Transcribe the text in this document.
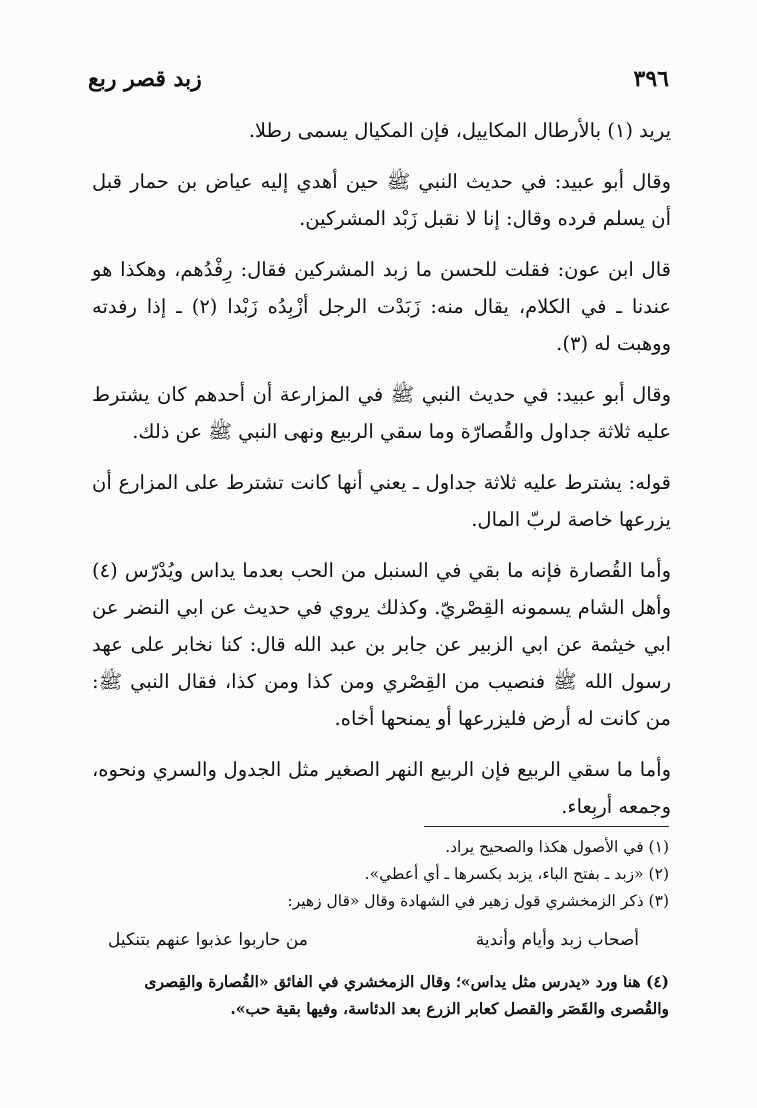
٣٩٦
زبد قصر ربع

يريد (١) بالأرطال المكاييل، فإن المكيال يسمى رطلا.

وقال أبو عبيد: في حديث النبي ﷺ حين أهدي إليه عياض بن حمار قبل أن يسلم فرده وقال: إنا لا نقبل زَبْد المشركين.

قال ابن عون: فقلت للحسن ما زبد المشركين فقال: رِفْدُهم، وهكذا هو عندنا ـ في الكلام، يقال منه: زَبَدْت الرجل أزْبِدُه زَبْدا (٢) ـ إذا رفدته ووهبت له (٣).

وقال أبو عبيد: في حديث النبي ﷺ في المزارعة أن أحدهم كان يشترط عليه ثلاثة جداول والقُصارّة وما سقي الربيع ونهى النبي ﷺ عن ذلك.

قوله: يشترط عليه ثلاثة جداول ـ يعني أنها كانت تشترط على المزارع أن يزرعها خاصة لربّ المال.

وأما القُصارة فإنه ما بقي في السنبل من الحب بعدما يداس ويُدْرّس (٤) وأهل الشام يسمونه القِصْريّ. وكذلك يروي في حديث عن ابي النضر عن ابي خيثمة عن ابي الزبير عن جابر بن عبد الله قال: كنا نخابر على عهد رسول الله ﷺ فنصيب من القِصْري ومن كذا ومن كذا، فقال النبي ﷺ: من كانت له أرض فليزرعها أو يمنحها أخاه.

وأما ما سقي الربيع فإن الربيع النهر الصغير مثل الجدول والسري ونحوه، وجمعه أربِعاء.

(١) في الأصول هكذا والصحيح يراد.

(٢) «زبد ـ بفتح الباء، يزبد بكسرها ـ أي أعطي».

(٣) ذكر الزمخشري قول زهير في الشهادة وقال «قال زهير:

أصحاب زبد وأيام وأندية
من حاربوا عذبوا عنهم بتنكيل

(٤) هنا ورد «يدرس مثل يداس»؛ وقال الزمخشري في الفائق «القُصارة والقِصرى والقُصرى والقَصَر والقصل كعابر الزرع بعد الدئاسة، وفيها بقية حب».
